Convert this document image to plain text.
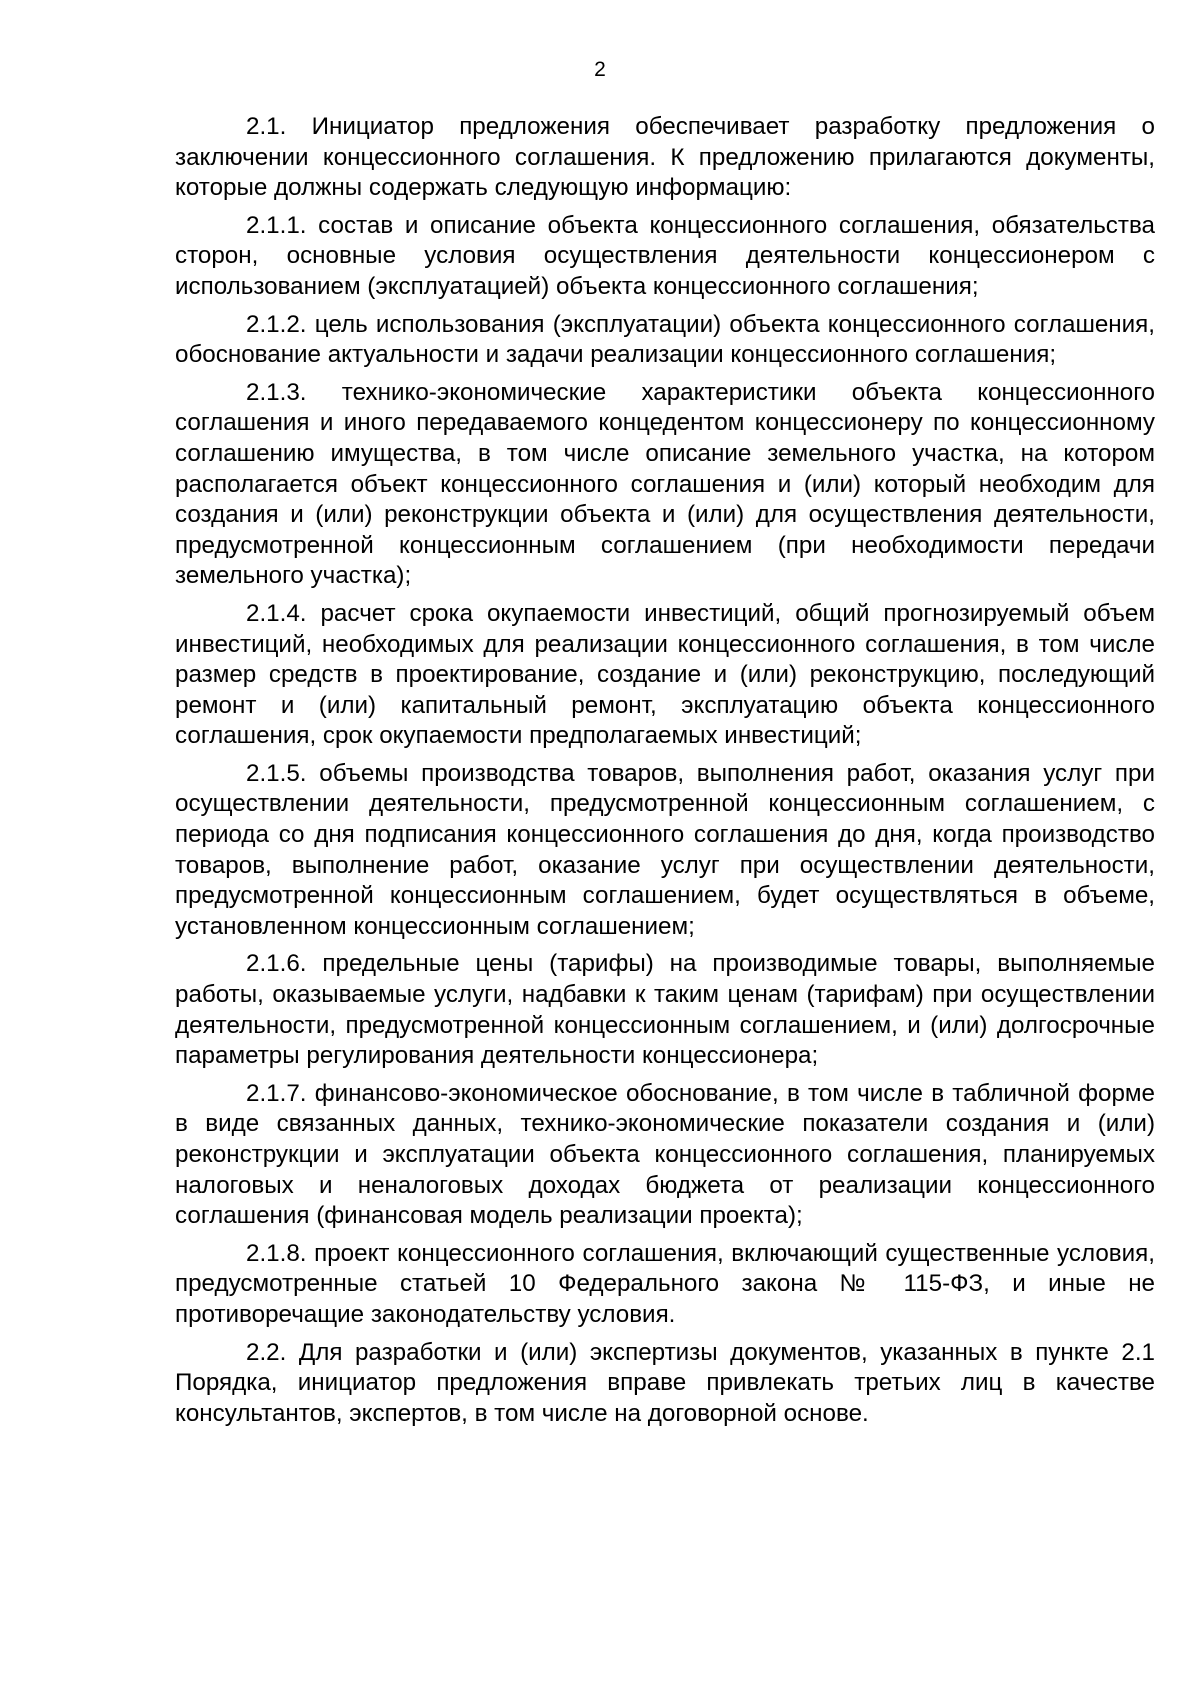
2

2.1. Инициатор предложения обеспечивает разработку предложения о заключении концессионного соглашения. К предложению прилагаются документы, которые должны содержать следующую информацию:

2.1.1. состав и описание объекта концессионного соглашения, обязательства сторон, основные условия осуществления деятельности концессионером с использованием (эксплуатацией) объекта концессионного соглашения;

2.1.2. цель использования (эксплуатации) объекта концессионного соглашения, обоснование актуальности и задачи реализации концессионного соглашения;

2.1.3. технико-экономические характеристики объекта концессионного соглашения и иного передаваемого концедентом концессионеру по концессионному соглашению имущества, в том числе описание земельного участка, на котором располагается объект концессионного соглашения и (или) который необходим для создания и (или) реконструкции объекта и (или) для осуществления деятельности, предусмотренной концессионным соглашением (при необходимости передачи земельного участка);

2.1.4. расчет срока окупаемости инвестиций, общий прогнозируемый объем инвестиций, необходимых для реализации концессионного соглашения, в том числе размер средств в проектирование, создание и (или) реконструкцию, последующий ремонт и (или) капитальный ремонт, эксплуатацию объекта концессионного соглашения, срок окупаемости предполагаемых инвестиций;

2.1.5. объемы производства товаров, выполнения работ, оказания услуг при осуществлении деятельности, предусмотренной концессионным соглашением, с периода со дня подписания концессионного соглашения до дня, когда производство товаров, выполнение работ, оказание услуг при осуществлении деятельности, предусмотренной концессионным соглашением, будет осуществляться в объеме, установленном концессионным соглашением;

2.1.6. предельные цены (тарифы) на производимые товары, выполняемые работы, оказываемые услуги, надбавки к таким ценам (тарифам) при осуществлении деятельности, предусмотренной концессионным соглашением, и (или) долгосрочные параметры регулирования деятельности концессионера;

2.1.7. финансово-экономическое обоснование, в том числе в табличной форме в виде связанных данных, технико-экономические показатели создания и (или) реконструкции и эксплуатации объекта концессионного соглашения, планируемых налоговых и неналоговых доходах бюджета от реализации концессионного соглашения (финансовая модель реализации проекта);

2.1.8. проект концессионного соглашения, включающий существенные условия, предусмотренные статьей 10 Федерального закона № 115-ФЗ, и иные не противоречащие законодательству условия.

2.2. Для разработки и (или) экспертизы документов, указанных в пункте 2.1 Порядка, инициатор предложения вправе привлекать третьих лиц в качестве консультантов, экспертов, в том числе на договорной основе.
